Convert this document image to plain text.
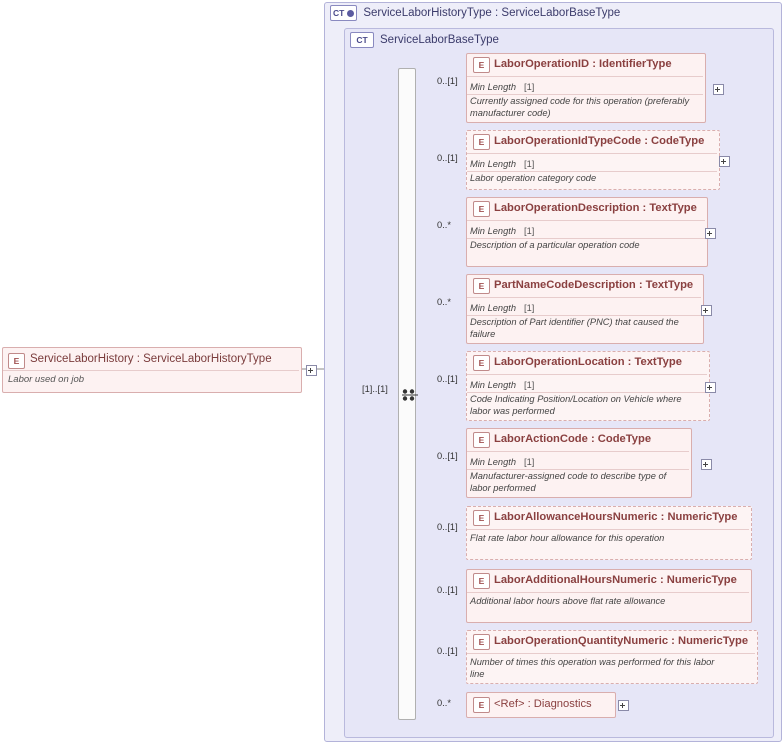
CT ServiceLaborHistoryType : ServiceLaborBaseType
CT	ServiceLaborBaseType
E ServiceLaborHistory : ServiceLaborHistoryType
Labor used on job
[1]..[1]
E LaborOperationID : IdentifierType
Min Length [1]
Currently assigned code for this operation (preferably manufacturer code)
0..[1]
E LaborOperationIdTypeCode : CodeType
Min Length [1]
Labor operation category code
0..[1]
E LaborOperationDescription : TextType
Min Length [1]
Description of a particular operation code
0..*
E PartNameCodeDescription : TextType
Min Length [1]
Description of Part identifier (PNC) that caused the failure
0..*
E LaborOperationLocation : TextType
Min Length [1]
Code Indicating Position/Location on Vehicle where labor was performed
0..[1]
E LaborActionCode : CodeType
Min Length [1]
Manufacturer-assigned code to describe type of labor performed
0..[1]
E LaborAllowanceHoursNumeric : NumericType
Flat rate labor hour allowance for this operation
0..[1]
E LaborAdditionalHoursNumeric : NumericType
Additional labor hours above flat rate allowance
0..[1]
E LaborOperationQuantityNumeric : NumericType
Number of times this operation was performed for this labor line
0..[1]
E <Ref> : Diagnostics
0..*
